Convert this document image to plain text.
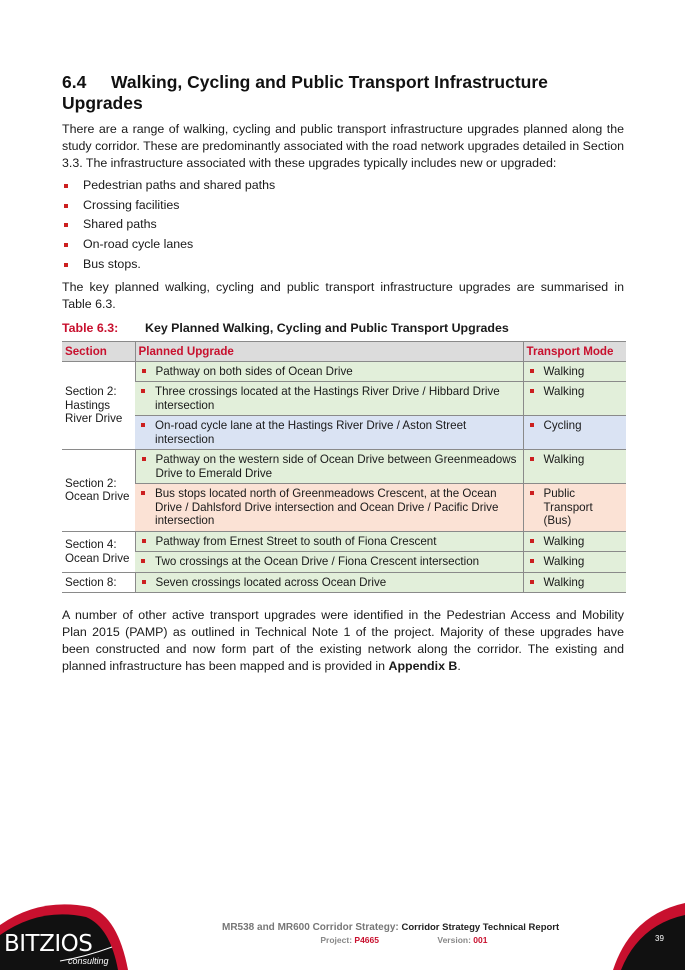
6.4 Walking, Cycling and Public Transport Infrastructure Upgrades

There are a range of walking, cycling and public transport infrastructure upgrades planned along the study corridor. These are predominantly associated with the road network upgrades detailed in Section 3.3. The infrastructure associated with these upgrades typically includes new or upgraded:

Pedestrian paths and shared paths
Crossing facilities
Shared paths
On-road cycle lanes
Bus stops.

The key planned walking, cycling and public transport infrastructure upgrades are summarised in Table 6.3.

Table 6.3: Key Planned Walking, Cycling and Public Transport Upgrades
Section	Planned Upgrade	Transport Mode
Section 2: Hastings River Drive	Pathway on both sides of Ocean Drive	Walking

Three crossings located at the Hastings River Drive / Hibbard Drive intersection	Walking

On-road cycle lane at the Hastings River Drive / Aston Street intersection	Cycling
Section 2: Ocean Drive	Pathway on the western side of Ocean Drive between Greenmeadows Drive to Emerald Drive	Walking

Bus stops located north of Greenmeadows Crescent, at the Ocean Drive / Dahlsford Drive intersection and Ocean Drive / Pacific Drive intersection	Public Transport (Bus)
Section 4: Ocean Drive	Pathway from Ernest Street to south of Fiona Crescent	Walking

Two crossings at the Ocean Drive / Fiona Crescent intersection	Walking
Section 8:	Seven crossings located across Ocean Drive	Walking

A number of other active transport upgrades were identified in the Pedestrian Access and Mobility Plan 2015 (PAMP) as outlined in Technical Note 1 of the project. Majority of these upgrades have been constructed and now form part of the existing network along the corridor. The existing and planned infrastructure has been mapped and is provided in Appendix B.

BITZIOS
consulting
MR538 and MR600 Corridor Strategy: Corridor Strategy Technical Report
Project: P4665	Version: 001	39
